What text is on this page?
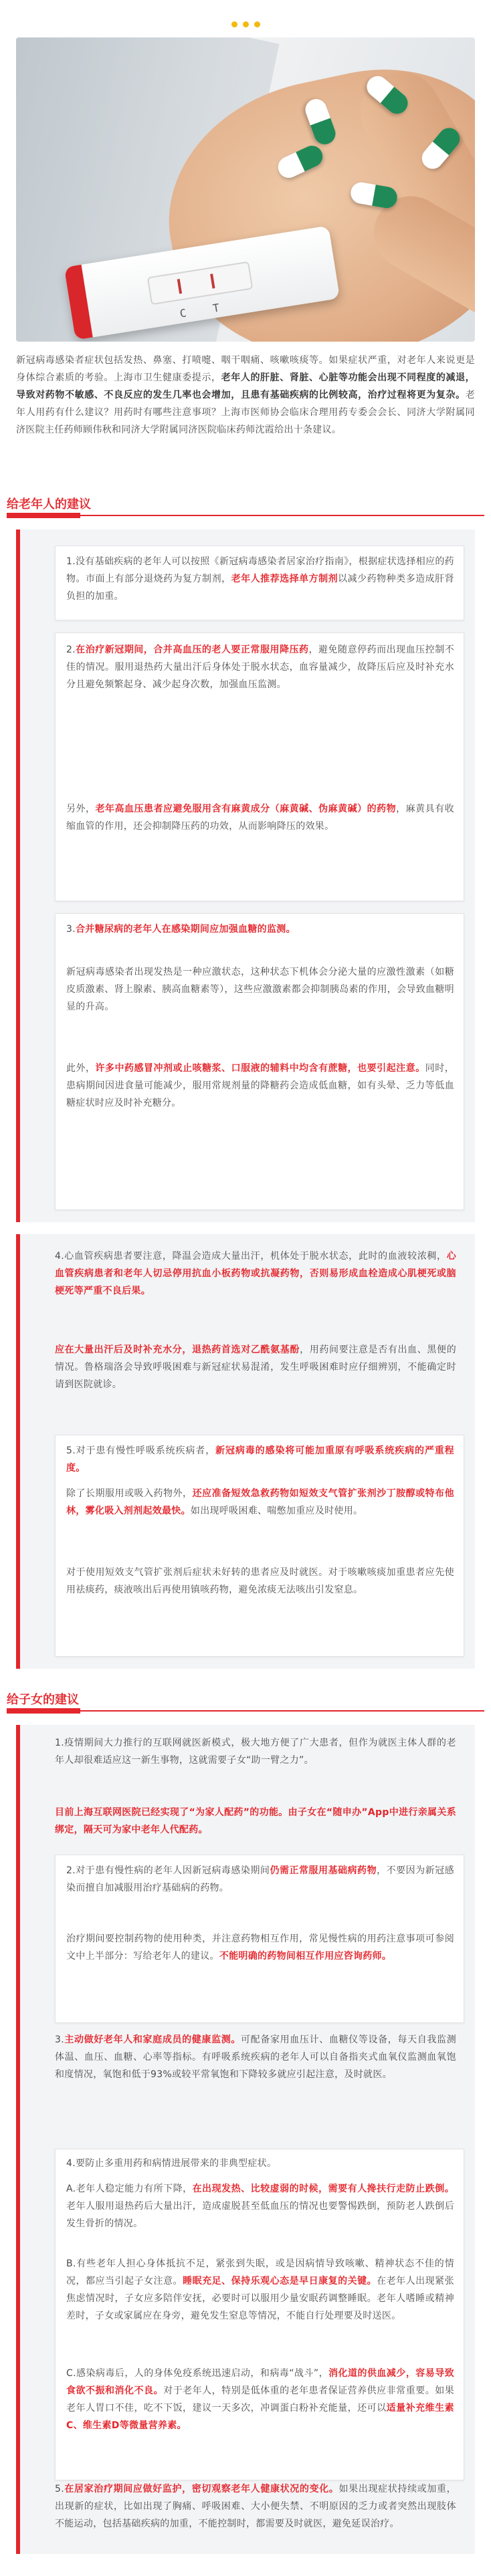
C T
新冠病毒感染者症状包括发热、鼻塞、打喷嚏、咽干咽痛、咳嗽咳痰等。如果症状严重，对老年人来说更是身体综合素质的考验。上海市卫生健康委提示，老年人的肝脏、肾脏、心脏等功能会出现不同程度的减退，导致对药物不敏感、不良反应的发生几率也会增加，且患有基础疾病的比例较高，治疗过程将更为复杂。老年人用药有什么建议？用药时有哪些注意事项？上海市医师协会临床合理用药专委会会长、同济大学附属同济医院主任药师顾伟秋和同济大学附属同济医院临床药师沈霞给出十条建议。
给老年人的建议
1.没有基础疾病的老年人可以按照《新冠病毒感染者居家治疗指南》，根据症状选择相应的药物。市面上有部分退烧药为复方制剂，老年人推荐选择单方制剂以减少药物种类多造成肝肾负担的加重。
2.在治疗新冠期间，合并高血压的老人要正常服用降压药，避免随意停药而出现血压控制不佳的情况。服用退热药大量出汗后身体处于脱水状态，血容量减少，故降压后应及时补充水分且避免频繁起身、减少起身次数，加强血压监测。
另外，老年高血压患者应避免服用含有麻黄成分（麻黄碱、伪麻黄碱）的药物，麻黄具有收缩血管的作用，还会抑制降压药的功效，从而影响降压的效果。
3.合并糖尿病的老年人在感染期间应加强血糖的监测。
新冠病毒感染者出现发热是一种应激状态，这种状态下机体会分泌大量的应激性激素（如糖皮质激素、肾上腺素、胰高血糖素等），这些应激激素都会抑制胰岛素的作用，会导致血糖明显的升高。
此外，许多中药感冒冲剂或止咳糖浆、口服液的辅料中均含有蔗糖，也要引起注意。同时，患病期间因进食量可能减少，服用常规剂量的降糖药会造成低血糖，如有头晕、乏力等低血糖症状时应及时补充糖分。
4.心血管疾病患者要注意，降温会造成大量出汗，机体处于脱水状态，此时的血液较浓稠，心血管疾病患者和老年人切忌停用抗血小板药物或抗凝药物，否则易形成血栓造成心肌梗死或脑梗死等严重不良后果。
应在大量出汗后及时补充水分，退热药首选对乙酰氨基酚，用药间要注意是否有出血、黑便的情况。鲁格瑞洛会导致呼吸困难与新冠症状易混淆，发生呼吸困难时应仔细辨别，不能确定时请到医院就诊。
5.对于患有慢性呼吸系统疾病者，新冠病毒的感染将可能加重原有呼吸系统疾病的严重程度。
除了长期服用或吸入药物外，还应准备短效急救药物如短效支气管扩张剂沙丁胺醇或特布他林，雾化吸入剂剂起效最快。如出现呼吸困难、喘憋加重应及时使用。
对于使用短效支气管扩张剂后症状未好转的患者应及时就医。对于咳嗽咳痰加重患者应先使用祛痰药，痰液咳出后再使用镇咳药物，避免浓痰无法咳出引发窒息。
给子女的建议
1.疫情期间大力推行的互联网就医新模式，极大地方便了广大患者，但作为就医主体人群的老年人却很难适应这一新生事物，这就需要子女“助一臂之力”。
目前上海互联网医院已经实现了“为家人配药”的功能。由子女在“随申办”App中进行亲属关系绑定，隔天可为家中老年人代配药。
2.对于患有慢性病的老年人因新冠病毒感染期间仍需正常服用基础病药物，不要因为新冠感染而擅自加减服用治疗基础病的药物。
治疗期间要控制药物的使用种类，并注意药物相互作用，常见慢性病的用药注意事项可参阅文中上半部分：写给老年人的建议。不能明确的药物间相互作用应咨询药师。
3.主动做好老年人和家庭成员的健康监测。可配备家用血压计、血糖仪等设备，每天自我监测体温、血压、血糖、心率等指标。有呼吸系统疾病的老年人可以自备指夹式血氧仪监测血氧饱和度情况，氧饱和低于93%或较平常氧饱和下降较多就应引起注意，及时就医。
4.要防止多重用药和病情进展带来的非典型症状。
A.老年人稳定能力有所下降，在出现发热、比较虚弱的时候，需要有人搀扶行走防止跌倒。老年人服用退热药后大量出汗，造成虚脱甚至低血压的情况也要警惕跌倒，预防老人跌倒后发生骨折的情况。
B.有些老年人担心身体抵抗不足，紧张到失眠，或是因病情导致咳嗽、精神状态不佳的情况，都应当引起子女注意。睡眠充足、保持乐观心态是早日康复的关键。在老年人出现紧张焦虑情况时，子女应多陪伴安抚，必要时可以服用少量安眠药调整睡眠。老年人嗜睡或精神差时，子女或家属应在身旁，避免发生窒息等情况，不能自行处理要及时送医。
C.感染病毒后，人的身体免疫系统迅速启动，和病毒“战斗”，消化道的供血减少，容易导致食欲不振和消化不良。对于老年人，特别是低体重的老年患者保证营养供应非常重要。如果老年人胃口不佳，吃不下饭，建议一天多次，冲调蛋白粉补充能量，还可以适量补充维生素C、维生素D等微量营养素。
5.在居家治疗期间应做好监护，密切观察老年人健康状况的变化。如果出现症状持续或加重，出现新的症状，比如出现了胸痛、呼吸困难、大小便失禁、不明原因的乏力或者突然出现肢体不能运动，包括基础疾病的加重，不能控制时，都需要及时就医，避免延误治疗。
